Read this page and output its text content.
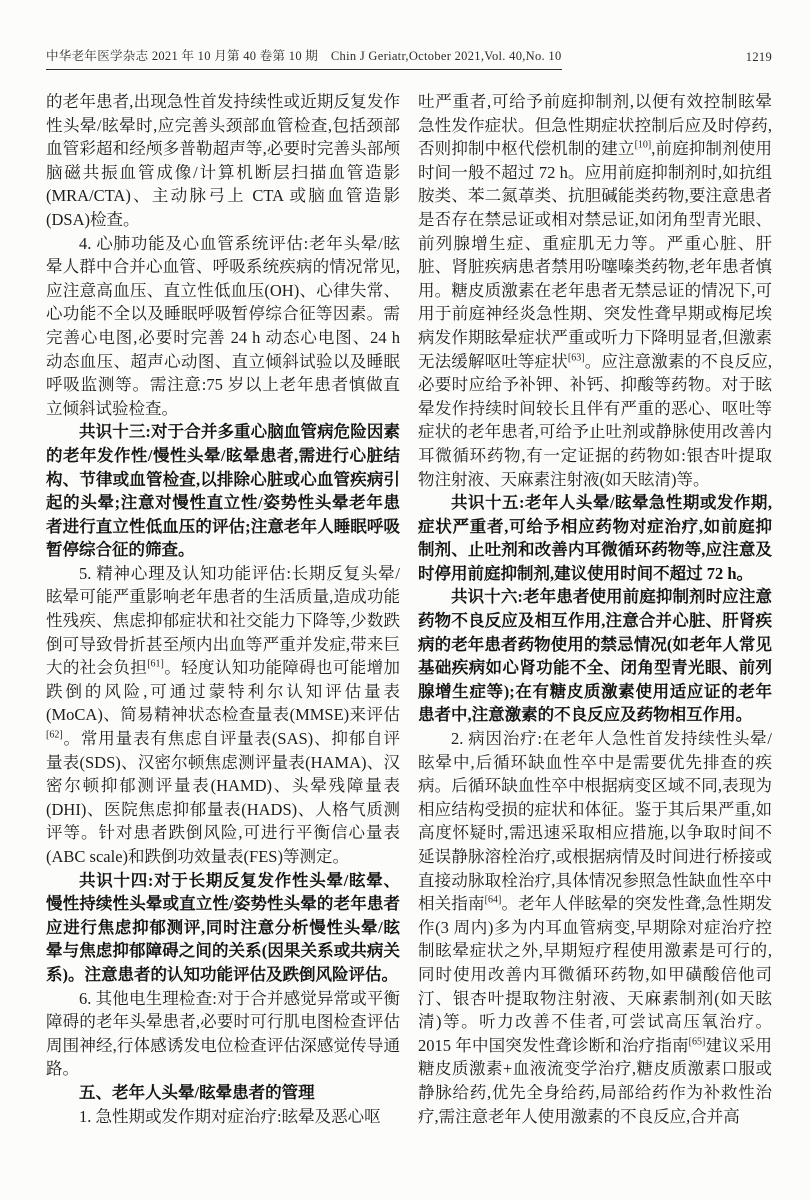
中华老年医学杂志 2021 年 10 月第 40 卷第 10 期　Chin J Geriatr,October 2021,Vol. 40,No. 10	1219

的老年患者,出现急性首发持续性或近期反复发作性头晕/眩晕时,应完善头颈部血管检查,包括颈部血管彩超和经颅多普勒超声等,必要时完善头部颅脑磁共振血管成像/计算机断层扫描血管造影(MRA/CTA)、主动脉弓上 CTA 或脑血管造影(DSA)检查。

4. 心肺功能及心血管系统评估:老年头晕/眩晕人群中合并心血管、呼吸系统疾病的情况常见,应注意高血压、直立性低血压(OH)、心律失常、心功能不全以及睡眠呼吸暂停综合征等因素。需完善心电图,必要时完善 24 h 动态心电图、24 h 动态血压、超声心动图、直立倾斜试验以及睡眠呼吸监测等。需注意:75 岁以上老年患者慎做直立倾斜试验检查。

共识十三:对于合并多重心脑血管病危险因素的老年发作性/慢性头晕/眩晕患者,需进行心脏结构、节律或血管检查,以排除心脏或心血管疾病引起的头晕;注意对慢性直立性/姿势性头晕老年患者进行直立性低血压的评估;注意老年人睡眠呼吸暂停综合征的筛查。

5. 精神心理及认知功能评估:长期反复头晕/眩晕可能严重影响老年患者的生活质量,造成功能性残疾、焦虑抑郁症状和社交能力下降等,少数跌倒可导致骨折甚至颅内出血等严重并发症,带来巨大的社会负担[61]。轻度认知功能障碍也可能增加跌倒的风险,可通过蒙特利尔认知评估量表(MoCA)、简易精神状态检查量表(MMSE)来评估[62]。常用量表有焦虑自评量表(SAS)、抑郁自评量表(SDS)、汉密尔顿焦虑测评量表(HAMA)、汉密尔顿抑郁测评量表(HAMD)、头晕残障量表(DHI)、医院焦虑抑郁量表(HADS)、人格气质测评等。针对患者跌倒风险,可进行平衡信心量表(ABC scale)和跌倒功效量表(FES)等测定。

共识十四:对于长期反复发作性头晕/眩晕、慢性持续性头晕或直立性/姿势性头晕的老年患者应进行焦虑抑郁测评,同时注意分析慢性头晕/眩晕与焦虑抑郁障碍之间的关系(因果关系或共病关系)。注意患者的认知功能评估及跌倒风险评估。

6. 其他电生理检查:对于合并感觉异常或平衡障碍的老年头晕患者,必要时可行肌电图检查评估周围神经,行体感诱发电位检查评估深感觉传导通路。

五、老年人头晕/眩晕患者的管理

1. 急性期或发作期对症治疗:眩晕及恶心呕

吐严重者,可给予前庭抑制剂,以便有效控制眩晕急性发作症状。但急性期症状控制后应及时停药,否则抑制中枢代偿机制的建立[10],前庭抑制剂使用时间一般不超过 72 h。应用前庭抑制剂时,如抗组胺类、苯二氮䓬类、抗胆碱能类药物,要注意患者是否存在禁忌证或相对禁忌证,如闭角型青光眼、前列腺增生症、重症肌无力等。严重心脏、肝脏、肾脏疾病患者禁用吩噻嗪类药物,老年患者慎用。糖皮质激素在老年患者无禁忌证的情况下,可用于前庭神经炎急性期、突发性聋早期或梅尼埃病发作期眩晕症状严重或听力下降明显者,但激素无法缓解呕吐等症状[63]。应注意激素的不良反应,必要时应给予补钾、补钙、抑酸等药物。对于眩晕发作持续时间较长且伴有严重的恶心、呕吐等症状的老年患者,可给予止吐剂或静脉使用改善内耳微循环药物,有一定证据的药物如:银杏叶提取物注射液、天麻素注射液(如天眩清)等。

共识十五:老年人头晕/眩晕急性期或发作期,症状严重者,可给予相应药物对症治疗,如前庭抑制剂、止吐剂和改善内耳微循环药物等,应注意及时停用前庭抑制剂,建议使用时间不超过 72 h。

共识十六:老年患者使用前庭抑制剂时应注意药物不良反应及相互作用,注意合并心脏、肝肾疾病的老年患者药物使用的禁忌情况(如老年人常见基础疾病如心肾功能不全、闭角型青光眼、前列腺增生症等);在有糖皮质激素使用适应证的老年患者中,注意激素的不良反应及药物相互作用。

2. 病因治疗:在老年人急性首发持续性头晕/眩晕中,后循环缺血性卒中是需要优先排查的疾病。后循环缺血性卒中根据病变区域不同,表现为相应结构受损的症状和体征。鉴于其后果严重,如高度怀疑时,需迅速采取相应措施,以争取时间不延误静脉溶栓治疗,或根据病情及时间进行桥接或直接动脉取栓治疗,具体情况参照急性缺血性卒中相关指南[64]。老年人伴眩晕的突发性聋,急性期发作(3 周内)多为内耳血管病变,早期除对症治疗控制眩晕症状之外,早期短疗程使用激素是可行的,同时使用改善内耳微循环药物,如甲磺酸倍他司汀、银杏叶提取物注射液、天麻素制剂(如天眩清)等。听力改善不佳者,可尝试高压氧治疗。2015 年中国突发性聋诊断和治疗指南[65]建议采用糖皮质激素+血液流变学治疗,糖皮质激素口服或静脉给药,优先全身给药,局部给药作为补救性治疗,需注意老年人使用激素的不良反应,合并高
